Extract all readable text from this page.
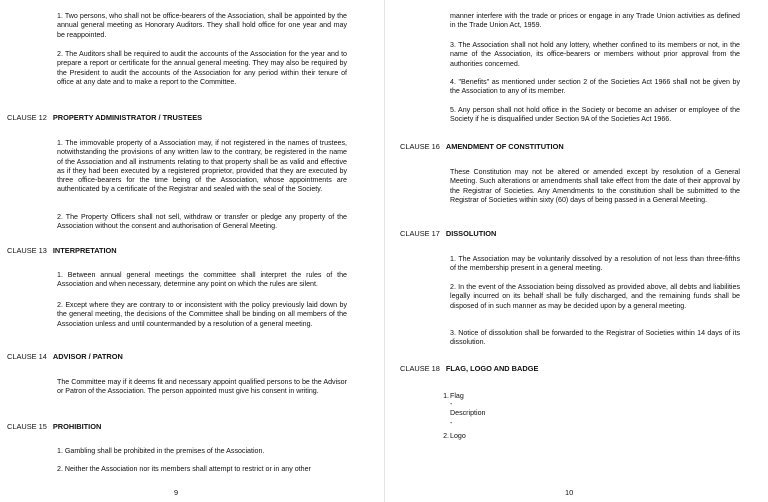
1. Two persons, who shall not be office-bearers of the Association, shall be appointed by the annual general meeting as Honorary Auditors. They shall hold office for one year and may be reappointed.

2. The Auditors shall be required to audit the accounts of the Association for the year and to prepare a report or certificate for the annual general meeting. They may also be required by the President to audit the accounts of the Association for any period within their tenure of office at any date and to make a report to the Committee.

CLAUSE 12 PROPERTY ADMINISTRATOR / TRUSTEES

1. The immovable property of a Association may, if not registered in the names of trustees, notwithstanding the provisions of any written law to the contrary, be registered in the name of the Association and all instruments relating to that property shall be as valid and effective as if they had been executed by a registered proprietor, provided that they are executed by three office-bearers for the time being of the Association, whose appointments are authenticated by a certificate of the Registrar and sealed with the seal of the Society.

2. The Property Officers shall not sell, withdraw or transfer or pledge any property of the Association without the consent and authorisation of General Meeting.

CLAUSE 13 INTERPRETATION

1. Between annual general meetings the committee shall interpret the rules of the Association and when necessary, determine any point on which the rules are silent.

2. Except where they are contrary to or inconsistent with the policy previously laid down by the general meeting, the decisions of the Committee shall be binding on all members of the Association unless and until countermanded by a resolution of a general meeting.

CLAUSE 14 ADVISOR / PATRON

The Committee may if it deems fit and necessary appoint qualified persons to be the Advisor or Patron of the Association. The person appointed must give his consent in writing.

CLAUSE 15 PROHIBITION

1. Gambling shall be prohibited in the premises of the Association.

2. Neither the Association nor its members shall attempt to restrict or in any other

9

manner interfere with the trade or prices or engage in any Trade Union activities as defined in the Trade Union Act, 1959.

3. The Association shall not hold any lottery, whether confined to its members or not, in the name of the Association, its office-bearers or members without prior approval from the authorities concerned.

4. "Benefits" as mentioned under section 2 of the Societies Act 1966 shall not be given by the Association to any of its member.

5. Any person shall not hold office in the Society or become an adviser or employee of the Society if he is disqualified under Section 9A of the Societies Act 1966.

CLAUSE 16 AMENDMENT OF CONSTITUTION

These Constitution may not be altered or amended except by resolution of a General Meeting. Such alterations or amendments shall take effect from the date of their approval by the Registrar of Societies. Any Amendments to the constitution shall be submitted to the Registrar of Societies within sixty (60) days of being passed in a General Meeting.

CLAUSE 17 DISSOLUTION

1. The Association may be voluntarily dissolved by a resolution of not less than three-fifths of the membership present in a general meeting.

2. In the event of the Association being dissolved as provided above, all debts and liabilities legally incurred on its behalf shall be fully discharged, and the remaining funds shall be disposed of in such manner as may be decided upon by a general meeting.

3. Notice of dissolution shall be forwarded to the Registrar of Societies within 14 days of its dissolution.

CLAUSE 18 FLAG, LOGO AND BADGE
1. Flag
-
Description
-
2. Logo
10
